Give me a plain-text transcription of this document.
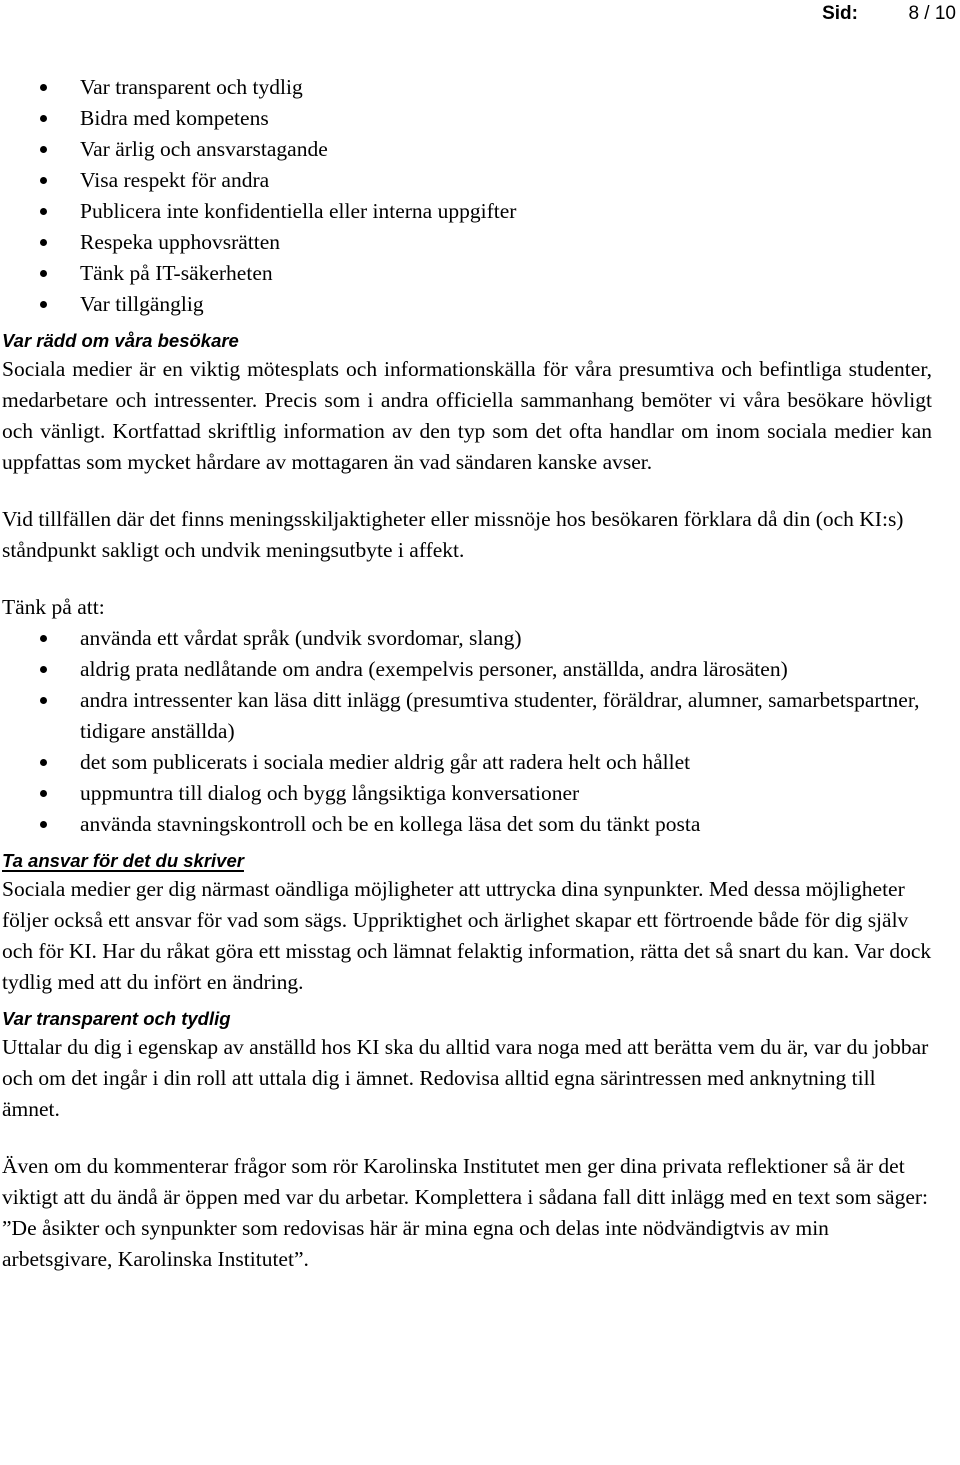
Sid:	8 / 10
Var transparent och tydlig
Bidra med kompetens
Var ärlig och ansvarstagande
Visa respekt för andra
Publicera inte konfidentiella eller interna uppgifter
Respeka upphovsrätten
Tänk på IT-säkerheten
Var tillgänglig
Var rädd om våra besökare

Sociala medier är en viktig mötesplats och informationskälla för våra presumtiva och befintliga studenter, medarbetare och intressenter. Precis som i andra officiella sammanhang bemöter vi våra besökare hövligt och vänligt. Kortfattad skriftlig information av den typ som det ofta handlar om inom sociala medier kan uppfattas som mycket hårdare av mottagaren än vad sändaren kanske avser.

Vid tillfällen där det finns meningsskiljaktigheter eller missnöje hos besökaren förklara då din (och KI:s) ståndpunkt sakligt och undvik meningsutbyte i affekt.

Tänk på att:

använda ett vårdat språk (undvik svordomar, slang)
aldrig prata nedlåtande om andra (exempelvis personer, anställda, andra lärosäten)
andra intressenter kan läsa ditt inlägg (presumtiva studenter, föräldrar, alumner, samarbetspartner, tidigare anställda)
det som publicerats i sociala medier aldrig går att radera helt och hållet
uppmuntra till dialog och bygg långsiktiga konversationer
använda stavningskontroll och be en kollega läsa det som du tänkt posta
Ta ansvar för det du skriver

Sociala medier ger dig närmast oändliga möjligheter att uttrycka dina synpunkter. Med dessa möjligheter följer också ett ansvar för vad som sägs. Uppriktighet och ärlighet skapar ett förtroende både för dig själv och för KI. Har du råkat göra ett misstag och lämnat felaktig information, rätta det så snart du kan. Var dock tydlig med att du infört en ändring.

Var transparent och tydlig

Uttalar du dig i egenskap av anställd hos KI ska du alltid vara noga med att berätta vem du är, var du jobbar och om det ingår i din roll att uttala dig i ämnet. Redovisa alltid egna särintressen med anknytning till ämnet.

Även om du kommenterar frågor som rör Karolinska Institutet men ger dina privata reflektioner så är det viktigt att du ändå är öppen med var du arbetar. Komplettera i sådana fall ditt inlägg med en text som säger: ”De åsikter och synpunkter som redovisas här är mina egna och delas inte nödvändigtvis av min arbetsgivare, Karolinska Institutet”.
